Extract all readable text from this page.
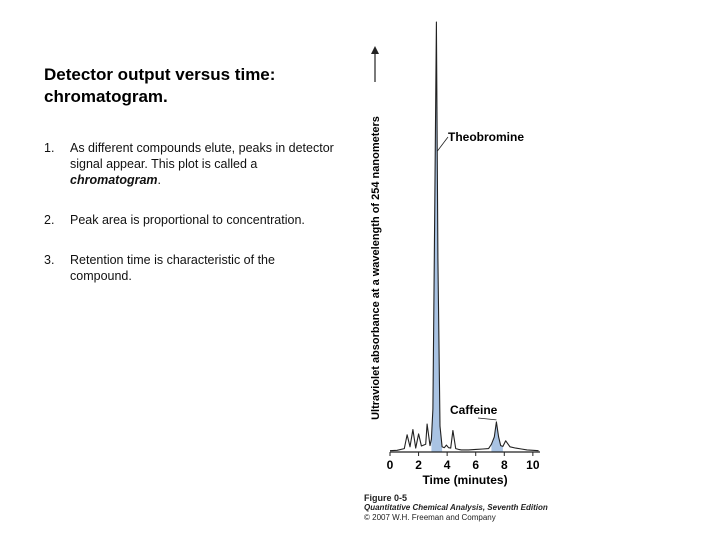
Detector output versus time: chromatogram.
1. As different compounds elute, peaks in detector signal appear. This plot is called a chromatogram.
2. Peak area is proportional to concentration.
3. Retention time is characteristic of the compound.
0 2 4 6 8 10
Time (minutes)
Ultraviolet absorbance at a wavelength of 254 nanometers	Theobromine
Caffeine
Figure 0-5
Quantitative Chemical Analysis, Seventh Edition
© 2007 W.H. Freeman and Company
